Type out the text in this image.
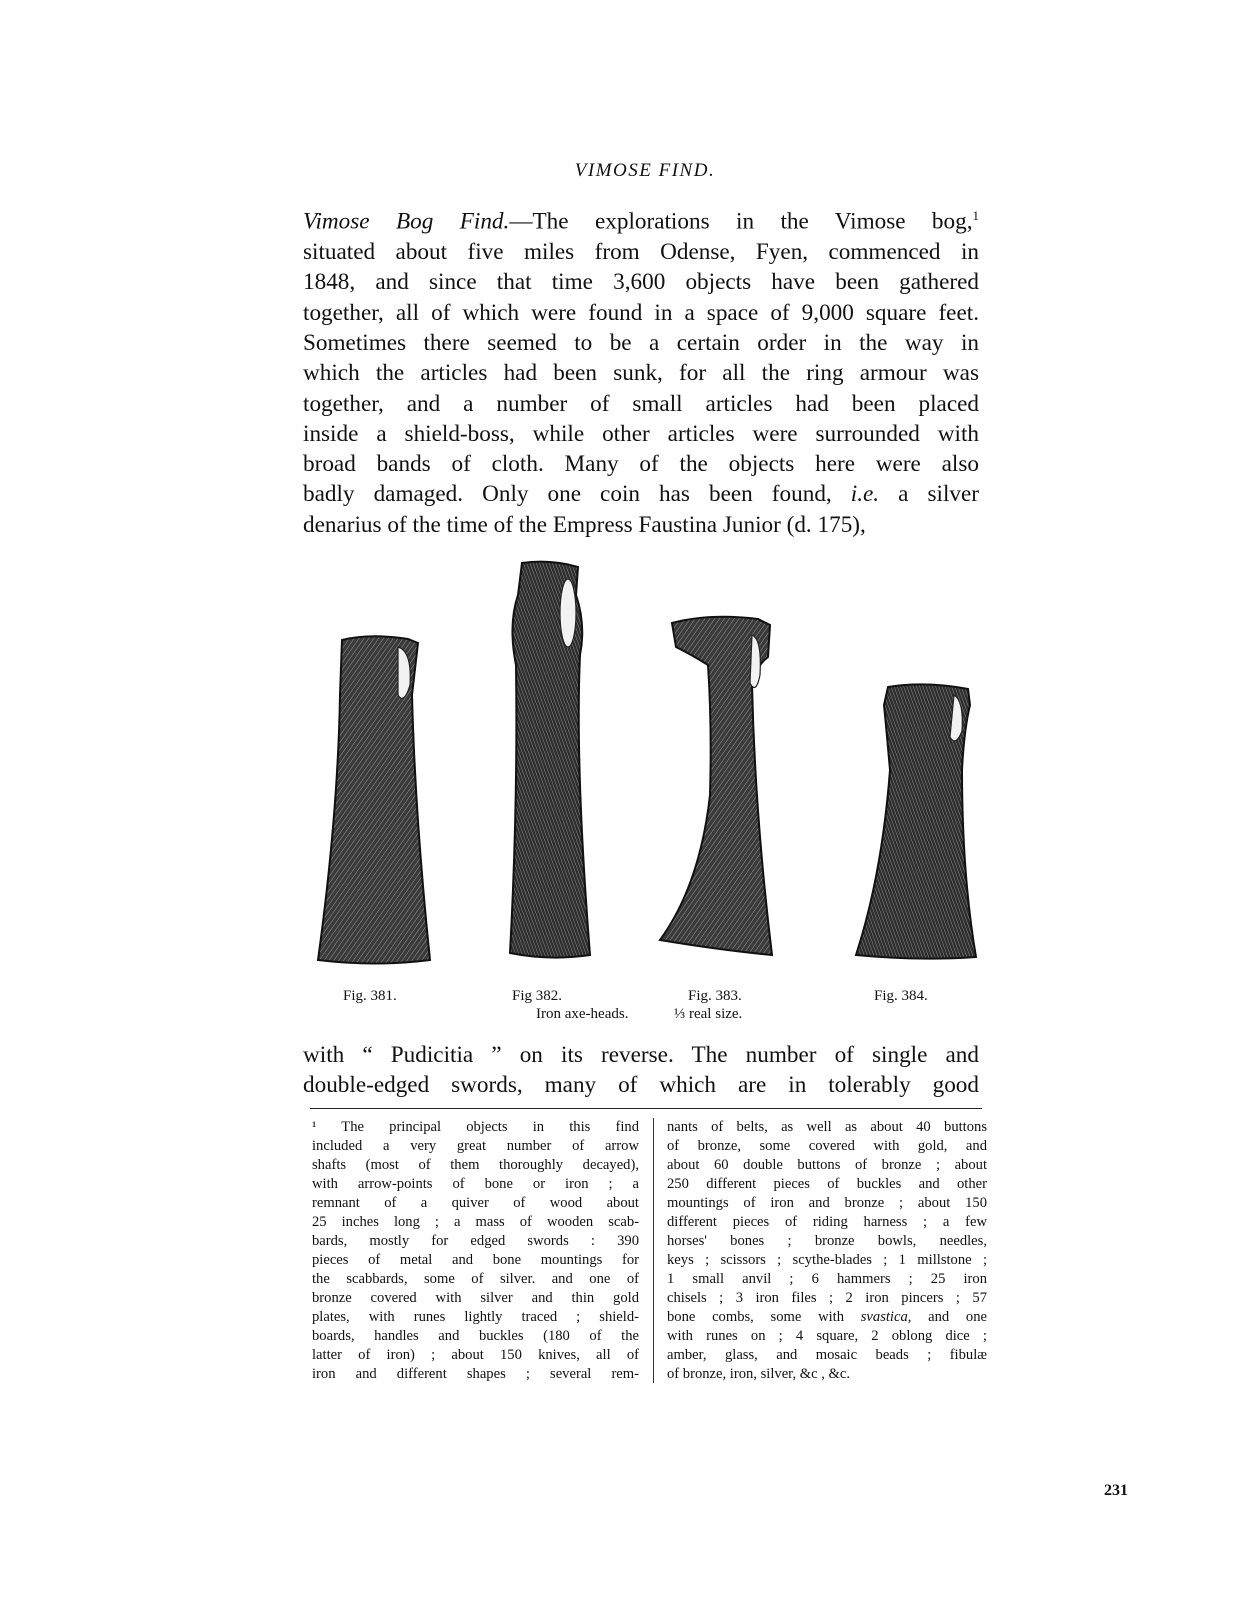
VIMOSE FIND.
Vimose Bog Find.—The explorations in the Vimose bog,$^1$
situated about five miles from Odense, Fyen, commenced in
1848, and since that time 3,600 objects have been gathered
together, all of which were found in a space of 9,000 square feet.
Sometimes there seemed to be a certain order in the way in
which the articles had been sunk, for all the ring armour was
together, and a number of small articles had been placed
inside a shield-boss, while other articles were surrounded with
broad bands of cloth. Many of the objects here were also
badly damaged. Only one coin has been found, i.e. a silver
denarius of the time of the Empress Faustina Junior (d. 175),
Fig. 381.	Fig 382.	Fig. 383.	Fig. 384.
Iron axe-heads.	⅓ real size.
with “ Pudicitia ” on its reverse. The number of single and
double-edged swords, many of which are in tolerably good
¹ The principal objects in this find
included a very great number of arrow
shafts (most of them thoroughly decayed),
with arrow-points of bone or iron ; a
remnant of a quiver of wood about
25 inches long ; a mass of wooden scab-
bards, mostly for edged swords : 390
pieces of metal and bone mountings for
the scabbards, some of silver. and one of
bronze covered with silver and thin gold
plates, with runes lightly traced ; shield-
boards, handles and buckles (180 of the
latter of iron) ; about 150 knives, all of
iron and different shapes ; several rem-
nants of belts, as well as about 40 buttons
of bronze, some covered with gold, and
about 60 double buttons of bronze ; about
250 different pieces of buckles and other
mountings of iron and bronze ; about 150
different pieces of riding harness ; a few
horses' bones ; bronze bowls, needles,
keys ; scissors ; scythe-blades ; 1 millstone ;
1 small anvil ; 6 hammers ; 25 iron
chisels ; 3 iron files ; 2 iron pincers ; 57
bone combs, some with svastica, and one
with runes on ; 4 square, 2 oblong dice ;
amber, glass, and mosaic beads ; fibulæ
of bronze, iron, silver, &c , &c.
231
